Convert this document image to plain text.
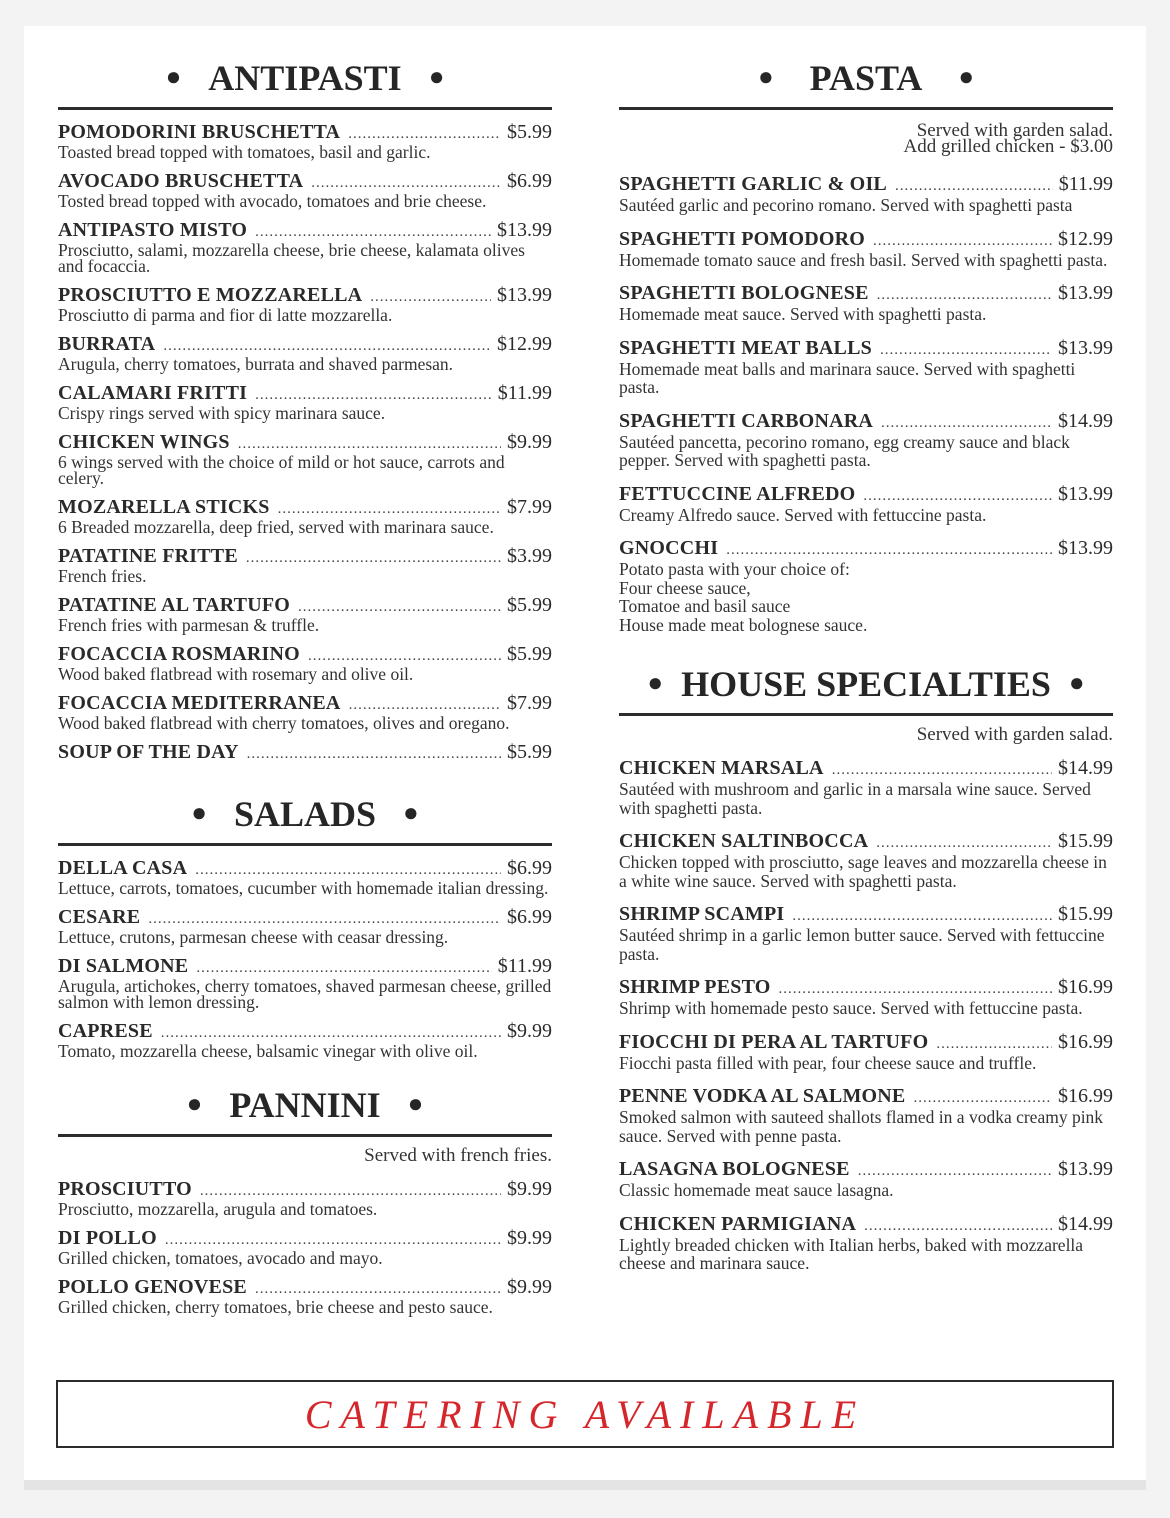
● ANTIPASTI ●
POMODORINI BRUSCHETTA .....	$5.99
Toasted bread topped with tomatoes, basil and garlic.
AVOCADO BRUSCHETTA .....	$6.99
Tosted bread topped with avocado, tomatoes and brie cheese.
ANTIPASTO MISTO .....	$13.99
Prosciutto, salami, mozzarella cheese, brie cheese, kalamata olives and focaccia.
PROSCIUTTO E MOZZARELLA .....	$13.99
Prosciutto di parma and fior di latte mozzarella.
BURRATA .....	$12.99
Arugula, cherry tomatoes, burrata and shaved parmesan.
CALAMARI FRITTI .....	$11.99
Crispy rings served with spicy marinara sauce.
CHICKEN WINGS .....	$9.99
6 wings served with the choice of mild or hot sauce, carrots and celery.
MOZARELLA STICKS .....	$7.99
6 Breaded mozzarella, deep fried, served with marinara sauce.
PATATINE FRITTE .....	$3.99
French fries.
PATATINE AL TARTUFO .....	$5.99
French fries with parmesan & truffle.
FOCACCIA ROSMARINO .....	$5.99
Wood baked flatbread with rosemary and olive oil.
FOCACCIA MEDITERRANEA .....	$7.99
Wood baked flatbread with cherry tomatoes, olives and oregano.
SOUP OF THE DAY .....	$5.99
● SALADS ●
DELLA CASA .....	$6.99
Lettuce, carrots, tomatoes, cucumber with homemade italian dressing.
CESARE .....	$6.99
Lettuce, crutons, parmesan cheese with ceasar dressing.
DI SALMONE .....	$11.99
Arugula, artichokes, cherry tomatoes, shaved parmesan cheese, grilled salmon with lemon dressing.
CAPRESE .....	$9.99
Tomato, mozzarella cheese, balsamic vinegar with olive oil.
● PANNINI ●
Served with french fries.
PROSCIUTTO .....	$9.99
Prosciutto, mozzarella, arugula and tomatoes.
DI POLLO .....	$9.99
Grilled chicken, tomatoes, avocado and mayo.
POLLO GENOVESE .....	$9.99
Grilled chicken, cherry tomatoes, brie cheese and pesto sauce.
● PASTA ●
Served with garden salad.
Add grilled chicken - $3.00
SPAGHETTI GARLIC & OIL .....	$11.99
Sautéed garlic and pecorino romano. Served with spaghetti pasta
SPAGHETTI POMODORO .....	$12.99
Homemade tomato sauce and fresh basil. Served with spaghetti pasta.
SPAGHETTI BOLOGNESE .....	$13.99
Homemade meat sauce. Served with spaghetti pasta.
SPAGHETTI MEAT BALLS .....	$13.99
Homemade meat balls and marinara sauce. Served with spaghetti pasta.
SPAGHETTI CARBONARA .....	$14.99
Sautéed pancetta, pecorino romano, egg creamy sauce and black pepper. Served with spaghetti pasta.
FETTUCCINE ALFREDO .....	$13.99
Creamy Alfredo sauce. Served with fettuccine pasta.
GNOCCHI .....	$13.99
Potato pasta with your choice of:
Four cheese sauce,
Tomatoe and basil sauce
House made meat bolognese sauce.
● HOUSE SPECIALTIES ●
Served with garden salad.
CHICKEN MARSALA .....	$14.99
Sautéed with mushroom and garlic in a marsala wine sauce. Served with spaghetti pasta.
CHICKEN SALTINBOCCA .....	$15.99
Chicken topped with prosciutto, sage leaves and mozzarella cheese in a white wine sauce. Served with spaghetti pasta.
SHRIMP SCAMPI .....	$15.99
Sautéed shrimp in a garlic lemon butter sauce. Served with fettuccine pasta.
SHRIMP PESTO .....	$16.99
Shrimp with homemade pesto sauce. Served with fettuccine pasta.
FIOCCHI DI PERA AL TARTUFO .....	$16.99
Fiocchi pasta filled with pear, four cheese sauce and truffle.
PENNE VODKA AL SALMONE .....	$16.99
Smoked salmon with sauteed shallots flamed in a vodka creamy pink sauce. Served with penne pasta.
LASAGNA BOLOGNESE .....	$13.99
Classic homemade meat sauce lasagna.
CHICKEN PARMIGIANA .....	$14.99
Lightly breaded chicken with Italian herbs, baked with mozzarella cheese and marinara sauce.
CATERING AVAILABLE
